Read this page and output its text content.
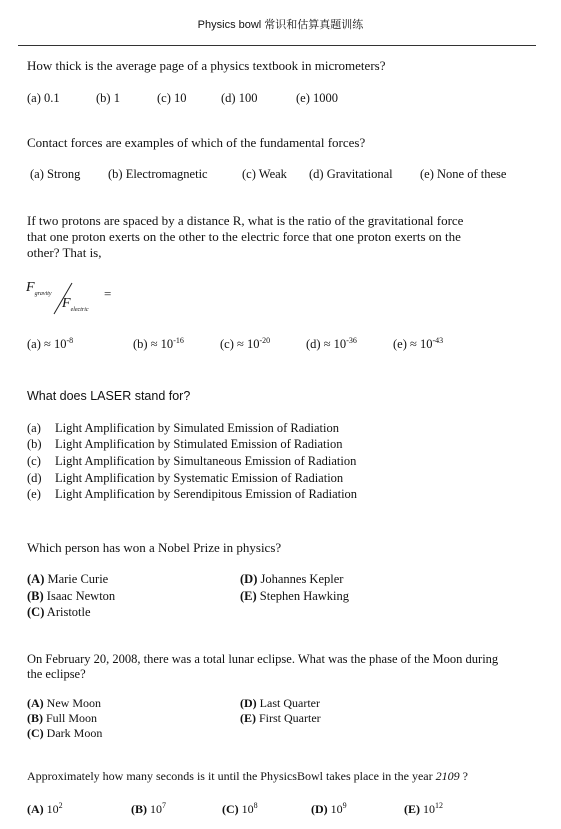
Physics bowl 常识和估算真题训练
How thick is the average page of a physics textbook in micrometers?
(a) 0.1	(b) 1	(c) 10	(d) 100	(e) 1000
Contact forces are examples of which of the fundamental forces?
(a) Strong (b) Electromagnetic	(c) Weak (d) Gravitational (e) None of these
If two protons are spaced by a distance R, what is the ratio of the gravitational force
that one proton exerts on the other to the electric force that one proton exerts on the
other? That is,
$F_{gravity}$
$F_{electric}$
=
$(a) \approx 10^{-8}$	$(b) \approx 10^{-16}$	$(c) \approx 10^{-20}$	$(d) \approx 10^{-36}$	$(e) \approx 10^{-43}$
What does LASER stand for?
(a) Light Amplification by Simulated Emission of Radiation
(b) Light Amplification by Stimulated Emission of Radiation
(c) Light Amplification by Simultaneous Emission of Radiation
(d) Light Amplification by Systematic Emission of Radiation
(e) Light Amplification by Serendipitous Emission of Radiation
Which person has won a Nobel Prize in physics?
(A) Marie Curie
(B) Isaac Newton
(C) Aristotle
(D) Johannes Kepler
(E) Stephen Hawking
On February 20, 2008, there was a total lunar eclipse. What was the phase of the Moon during
the eclipse?
(A) New Moon
(B) Full Moon
(C) Dark Moon
(D) Last Quarter
(E) First Quarter
Approximately how many seconds is it until the PhysicsBowl takes place in the year 2109 ?
(A) $10^2$	(B) $10^7$	(C) $10^8$	(D) $10^9$	(E) $10^{12}$
